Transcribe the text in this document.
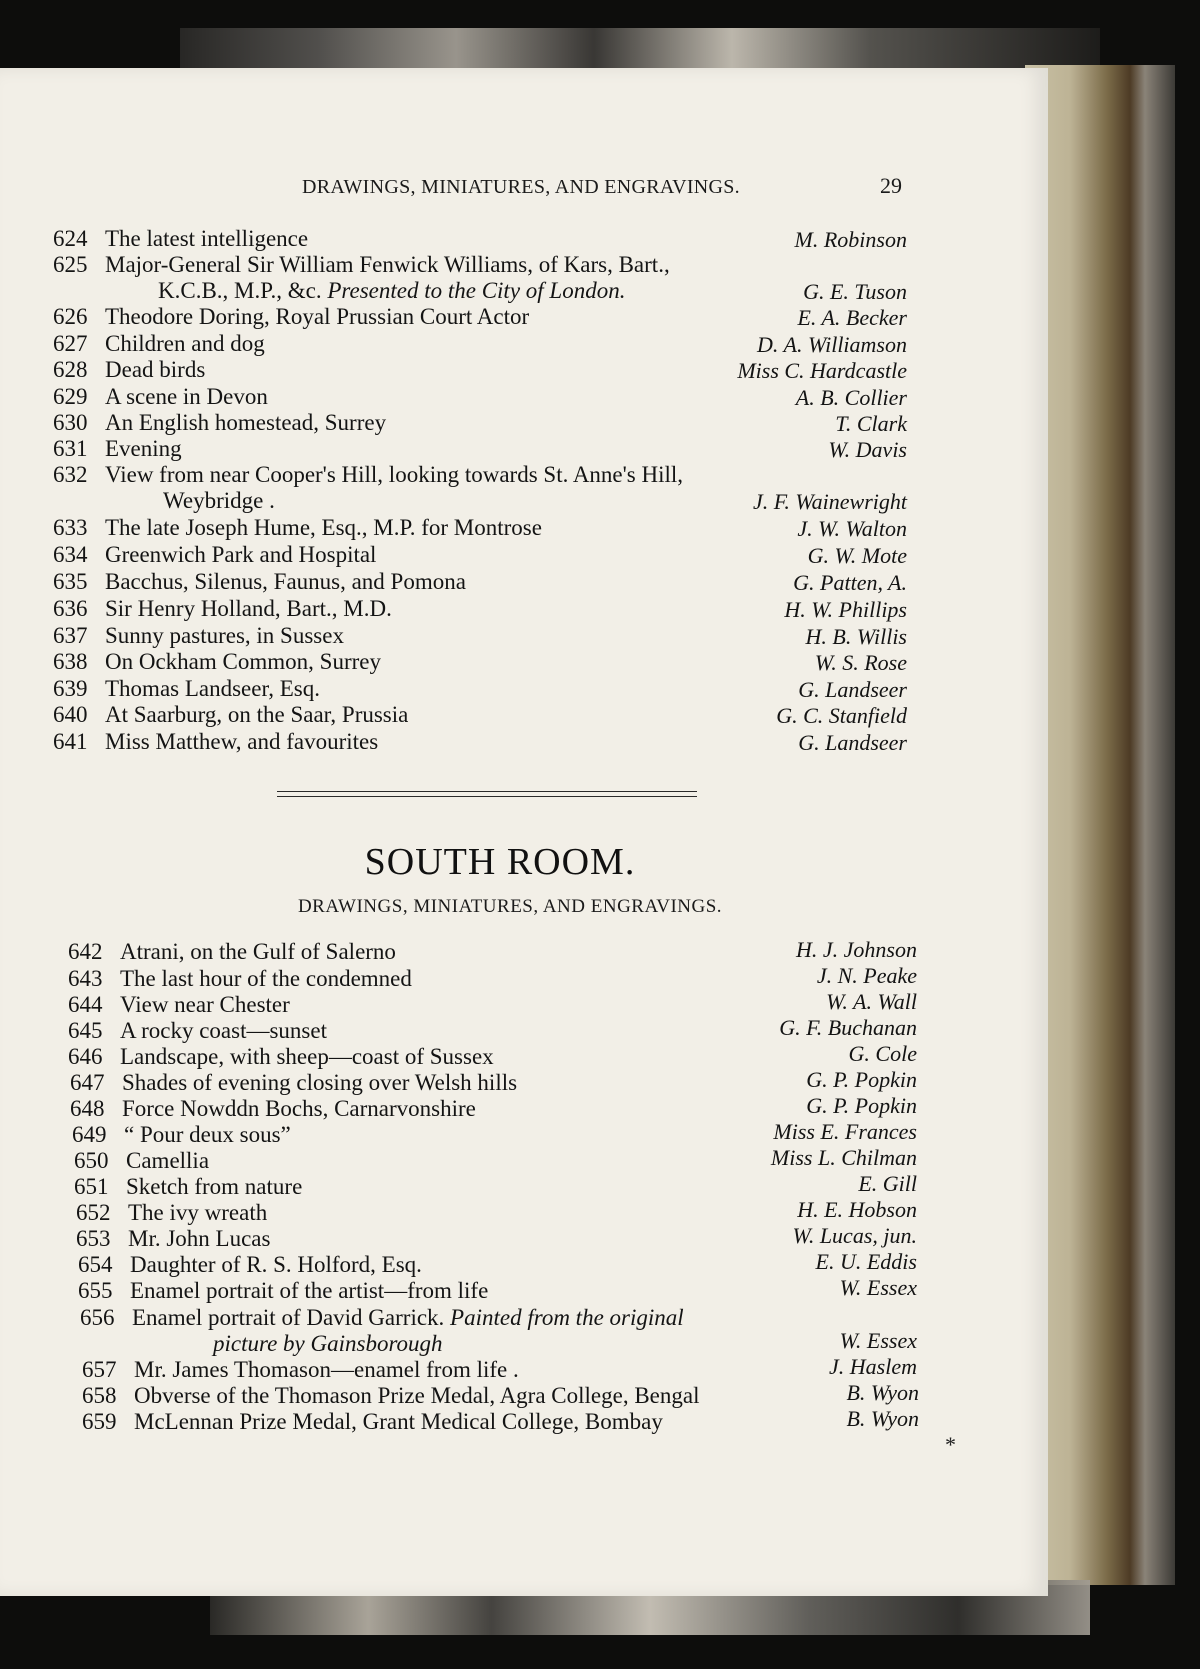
DRAWINGS, MINIATURES, AND ENGRAVINGS.	29
624 The latest intelligence	M. Robinson
625 Major-General Sir William Fenwick Williams, of Kars, Bart.,
K.C.B., M.P., &c. Presented to the City of London.	G. E. Tuson
626 Theodore Doring, Royal Prussian Court Actor	E. A. Becker
627 Children and dog	D. A. Williamson
628 Dead birds	Miss C. Hardcastle
629 A scene in Devon	A. B. Collier
630 An English homestead, Surrey	T. Clark
631 Evening	W. Davis
632 View from near Cooper's Hill, looking towards St. Anne's Hill,
Weybridge .	J. F. Wainewright
633 The late Joseph Hume, Esq., M.P. for Montrose	J. W. Walton
634 Greenwich Park and Hospital	G. W. Mote
635 Bacchus, Silenus, Faunus, and Pomona	G. Patten, A.
636 Sir Henry Holland, Bart., M.D.	H. W. Phillips
637 Sunny pastures, in Sussex	H. B. Willis
638 On Ockham Common, Surrey	W. S. Rose
639 Thomas Landseer, Esq.	G. Landseer
640 At Saarburg, on the Saar, Prussia	G. C. Stanfield
641 Miss Matthew, and favourites	G. Landseer
SOUTH ROOM.
DRAWINGS, MINIATURES, AND ENGRAVINGS.
642 Atrani, on the Gulf of Salerno	H. J. Johnson
643 The last hour of the condemned	J. N. Peake
644 View near Chester	W. A. Wall
645 A rocky coast—sunset	G. F. Buchanan
646 Landscape, with sheep—coast of Sussex	G. Cole
647 Shades of evening closing over Welsh hills	G. P. Popkin
648 Force Nowddn Bochs, Carnarvonshire	G. P. Popkin
649 “ Pour deux sous”	Miss E. Frances
650 Camellia	Miss L. Chilman
651 Sketch from nature	E. Gill
652 The ivy wreath	H. E. Hobson
653 Mr. John Lucas	W. Lucas, jun.
654 Daughter of R. S. Holford, Esq.	E. U. Eddis
655 Enamel portrait of the artist—from life	W. Essex
656 Enamel portrait of David Garrick. Painted from the original
picture by Gainsborough	W. Essex
657 Mr. James Thomason—enamel from life .	J. Haslem
658 Obverse of the Thomason Prize Medal, Agra College, Bengal	B. Wyon
659 McLennan Prize Medal, Grant Medical College, Bombay	B. Wyon
*
